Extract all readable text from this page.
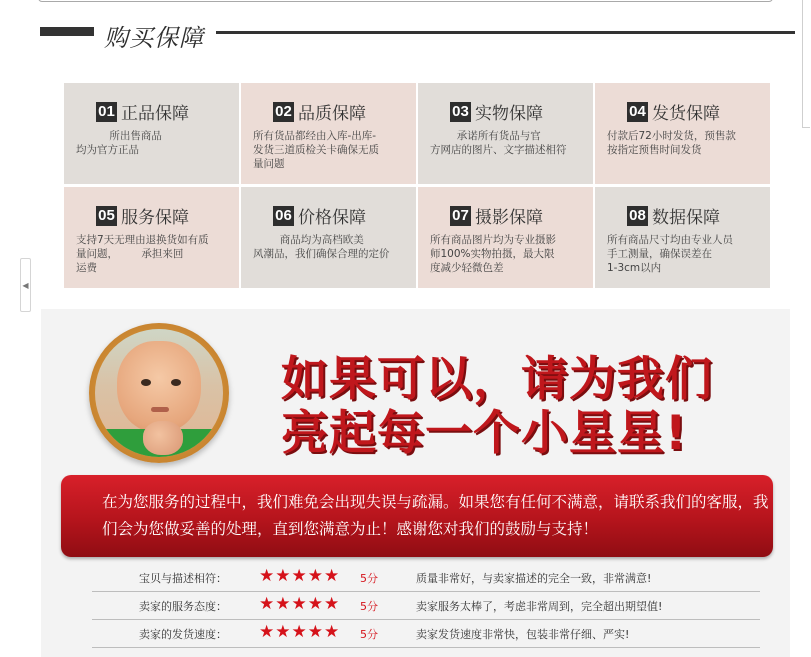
◀
购买保障
01 正品保障
所出售商品
均为官方正品
02 品质保障
所有货品都经由入库-出库-
发货三道质检关卡确保无质
量问题
03 实物保障
承诺所有货品与官
方网店的图片、文字描述相符
04 发货保障
付款后72小时发货，预售款
按指定预售时间发货
05 服务保障
支持7天无理由退换货如有质
量问题，       承担来回
运费
06 价格保障
商品均为高档欧美
风潮品，我们确保合理的定价
07 摄影保障
所有商品图片均为专业摄影
师100%实物拍摄，最大限
度减少轻微色差
08 数据保障
所有商品尺寸均由专业人员
手工测量，确保误差在
1-3cm以内
如果可以，请为我们
亮起每一个小星星!
在为您服务的过程中，我们难免会出现失误与疏漏。如果您有任何不满意，请联系我们的客服，我们会为您做妥善的处理，直到您满意为止！感谢您对我们的鼓励与支持！
宝贝与描述相符： ★★★★★ 5分	质量非常好，与卖家描述的完全一致，非常满意!
卖家的服务态度： ★★★★★ 5分	卖家服务太棒了，考虑非常周到，完全超出期望值!
卖家的发货速度： ★★★★★ 5分	卖家发货速度非常快，包装非常仔细、严实!
